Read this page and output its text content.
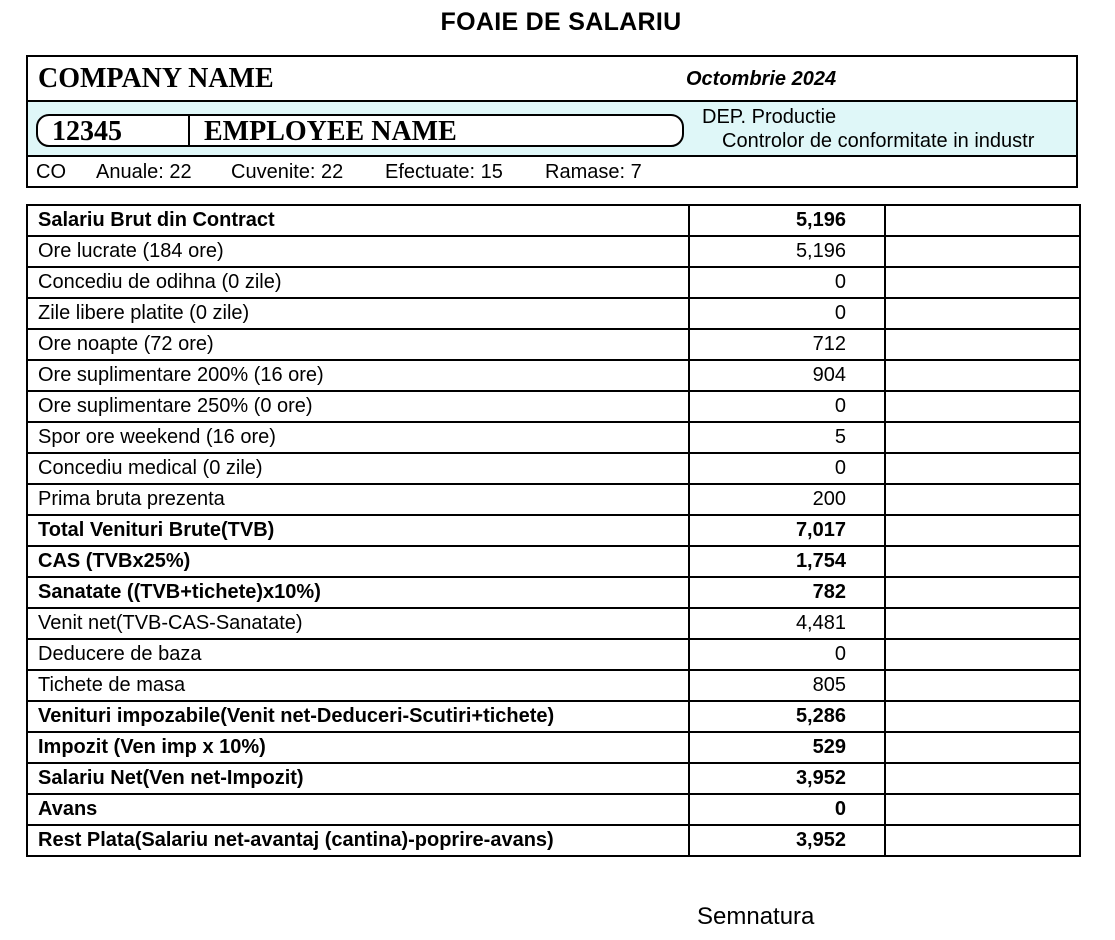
FOAIE DE SALARIU
COMPANY NAME	Octombrie 2024
12345	EMPLOYEE NAME	DEP. Productie
Controlor de conformitate in industr
CO Anuale: 22 Cuvenite: 22 Efectuate: 15 Ramase: 7
Salariu Brut din Contract	5,196	
Ore lucrate (184 ore)	5,196	
Concediu de odihna (0 zile)	0	
Zile libere platite (0 zile)	0	
Ore noapte (72 ore)	712	
Ore suplimentare 200% (16 ore)	904	
Ore suplimentare 250% (0 ore)	0	
Spor ore weekend (16 ore)	5	
Concediu medical (0 zile)	0	
Prima bruta prezenta	200	
Total Venituri Brute(TVB)	7,017	
CAS (TVBx25%)	1,754	
Sanatate ((TVB+tichete)x10%)	782	
Venit net(TVB-CAS-Sanatate)	4,481	
Deducere de baza	0	
Tichete de masa	805	
Venituri impozabile(Venit net-Deduceri-Scutiri+tichete)	5,286	
Impozit (Ven imp x 10%)	529	
Salariu Net(Ven net-Impozit)	3,952	
Avans	0	
Rest Plata(Salariu net-avantaj (cantina)-poprire-avans)	3,952	
Semnatura
